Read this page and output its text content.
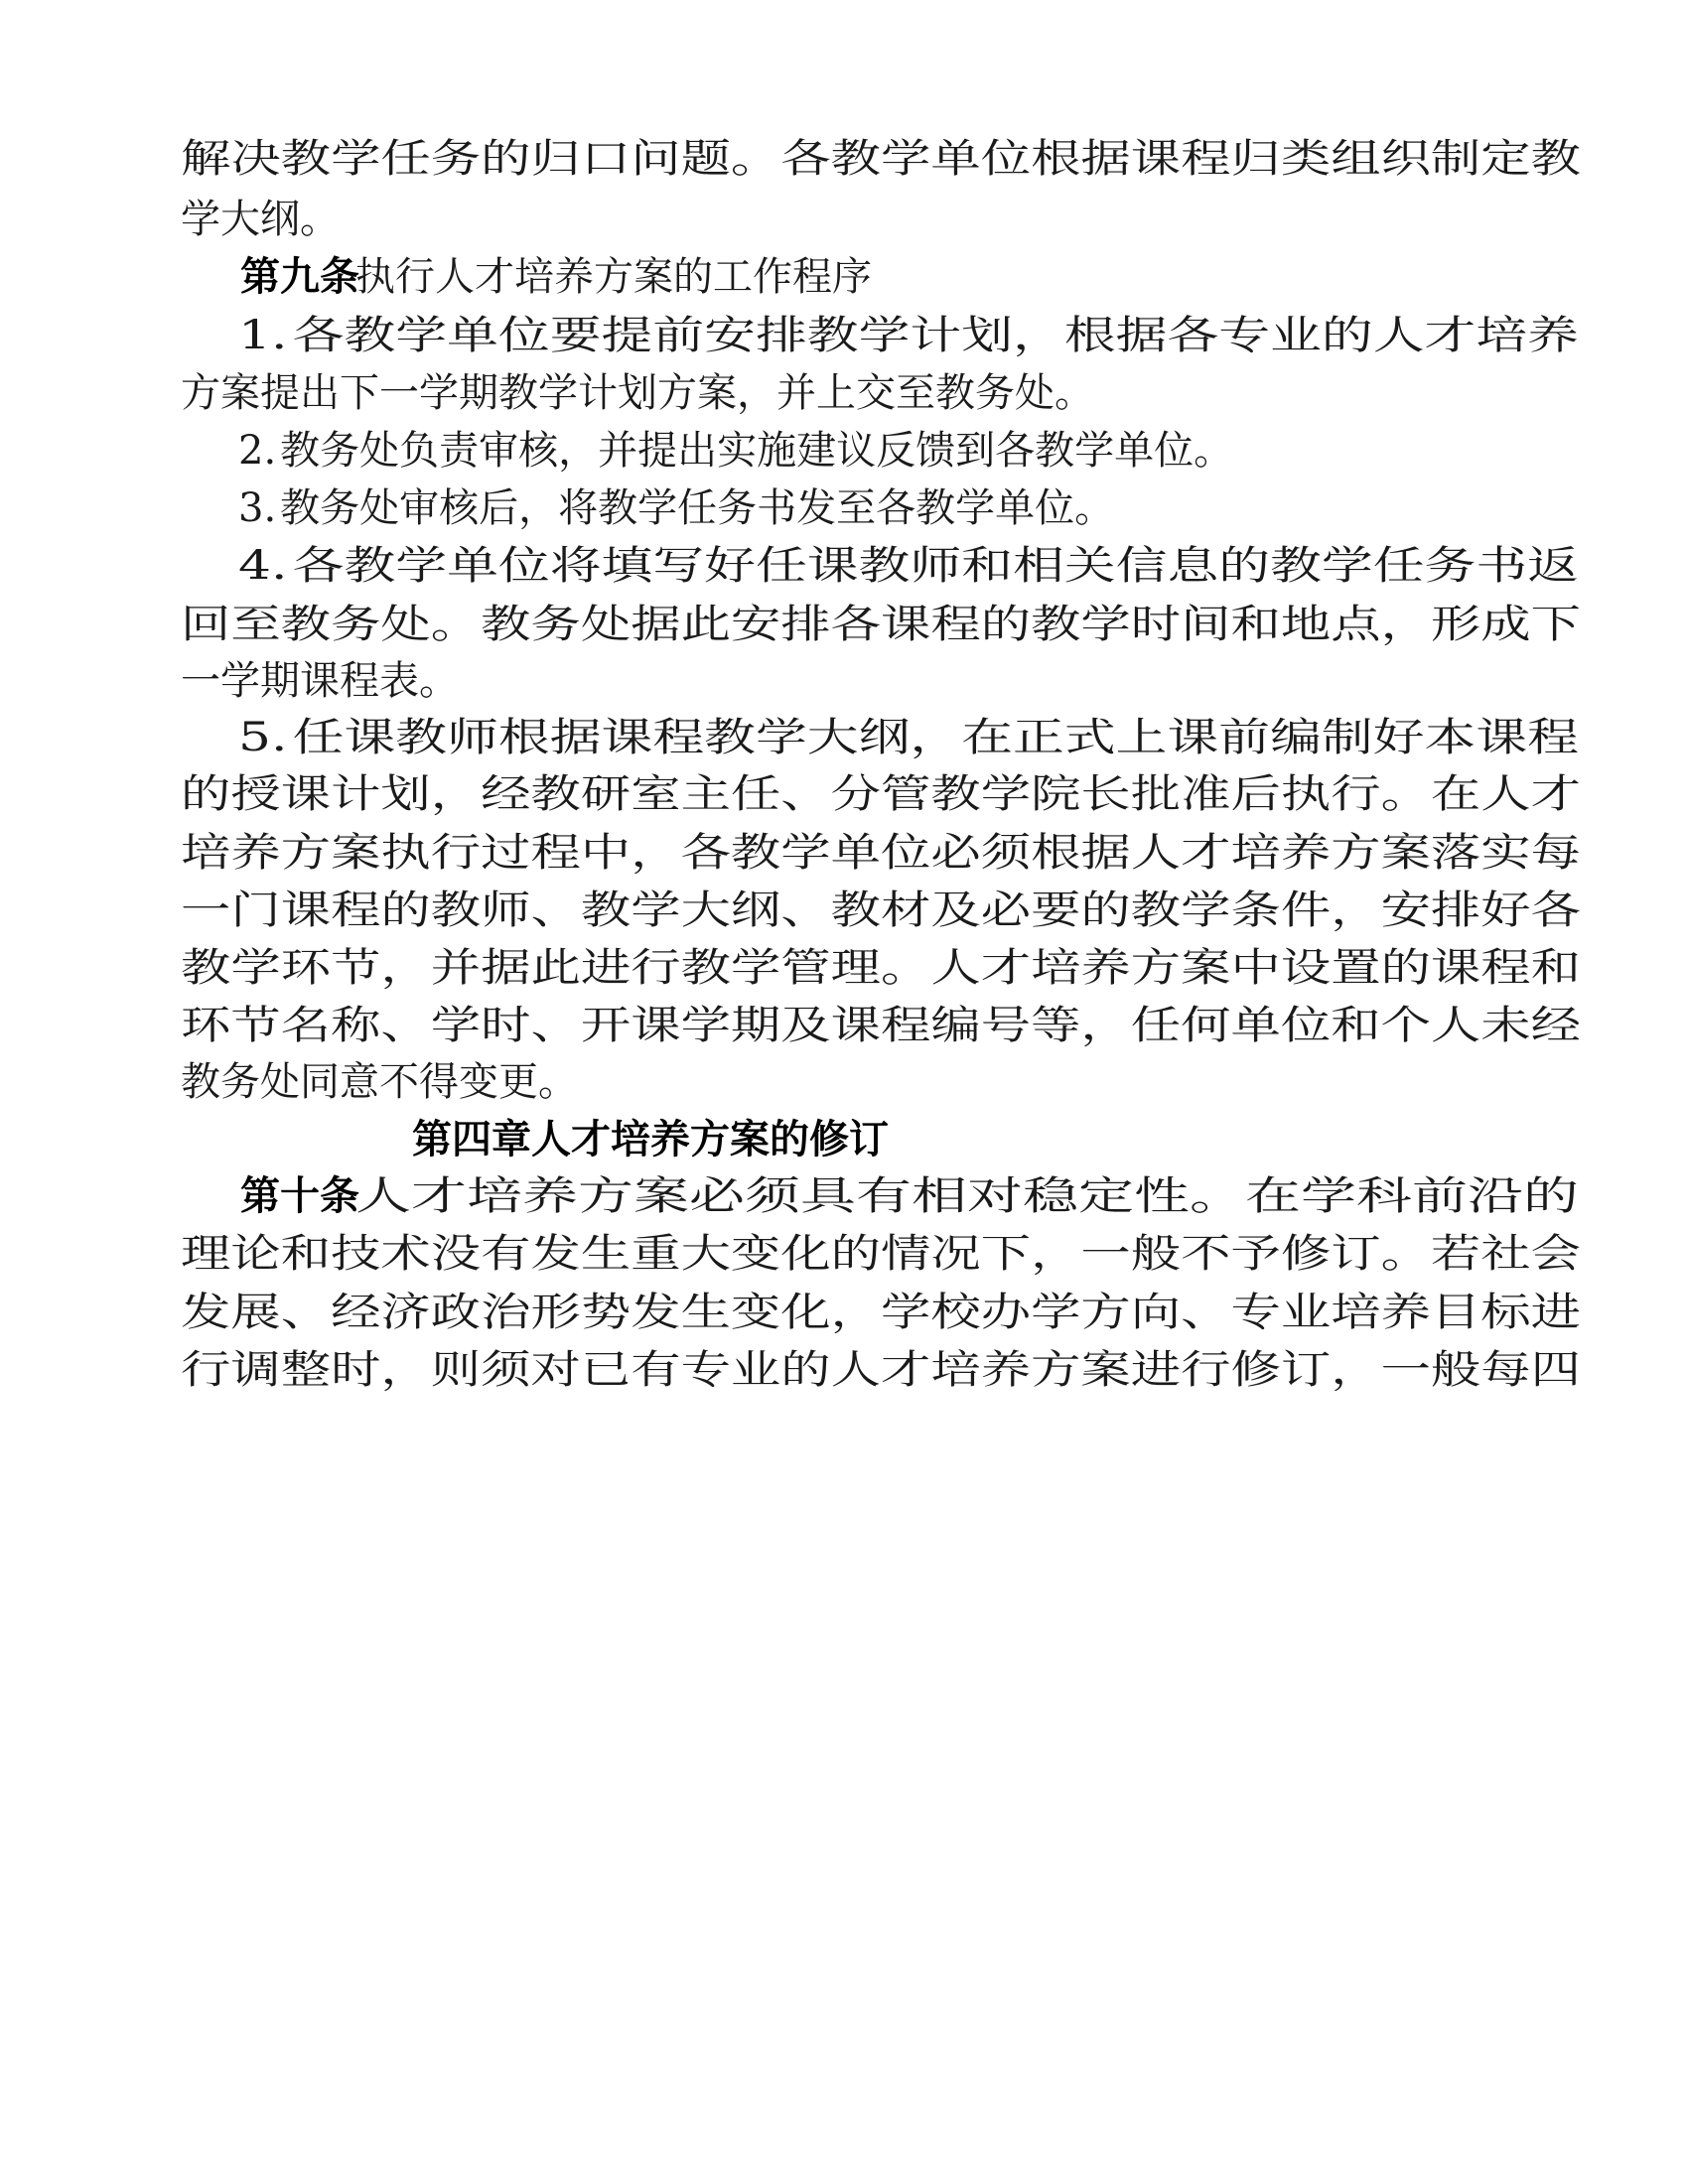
解决教学任务的归口问题。各教学单位根据课程归类组织制定教
学大纲。
第九条
执行人才培养方案的工作程序
1. 各教学单位要提前安排教学计划，根据各专业的人才培养
方案提出下一学期教学计划方案，并上交至教务处。
2. 教务处负责审核，并提出实施建议反馈到各教学单位。
3. 教务处审核后，将教学任务书发至各教学单位。
4. 各教学单位将填写好任课教师和相关信息的教学任务书返
回至教务处。教务处据此安排各课程的教学时间和地点，形成下
一学期课程表。
5. 任课教师根据课程教学大纲，在正式上课前编制好本课程
的授课计划，经教研室主任、分管教学院长批准后执行。在人才
培养方案执行过程中，各教学单位必须根据人才培养方案落实每
一门课程的教师、教学大纲、教材及必要的教学条件，安排好各
教学环节，并据此进行教学管理。人才培养方案中设置的课程和
环节名称、学时、开课学期及课程编号等，任何单位和个人未经
教务处同意不得变更。
第四章 人才培养方案的修订
第十条
人才培养方案必须具有相对稳定性。在学科前沿的
理论和技术没有发生重大变化的情况下，一般不予修订。若社会
发展、经济政治形势发生变化，学校办学方向、专业培养目标进
行调整时，则须对已有专业的人才培养方案进行修订，一般每四
